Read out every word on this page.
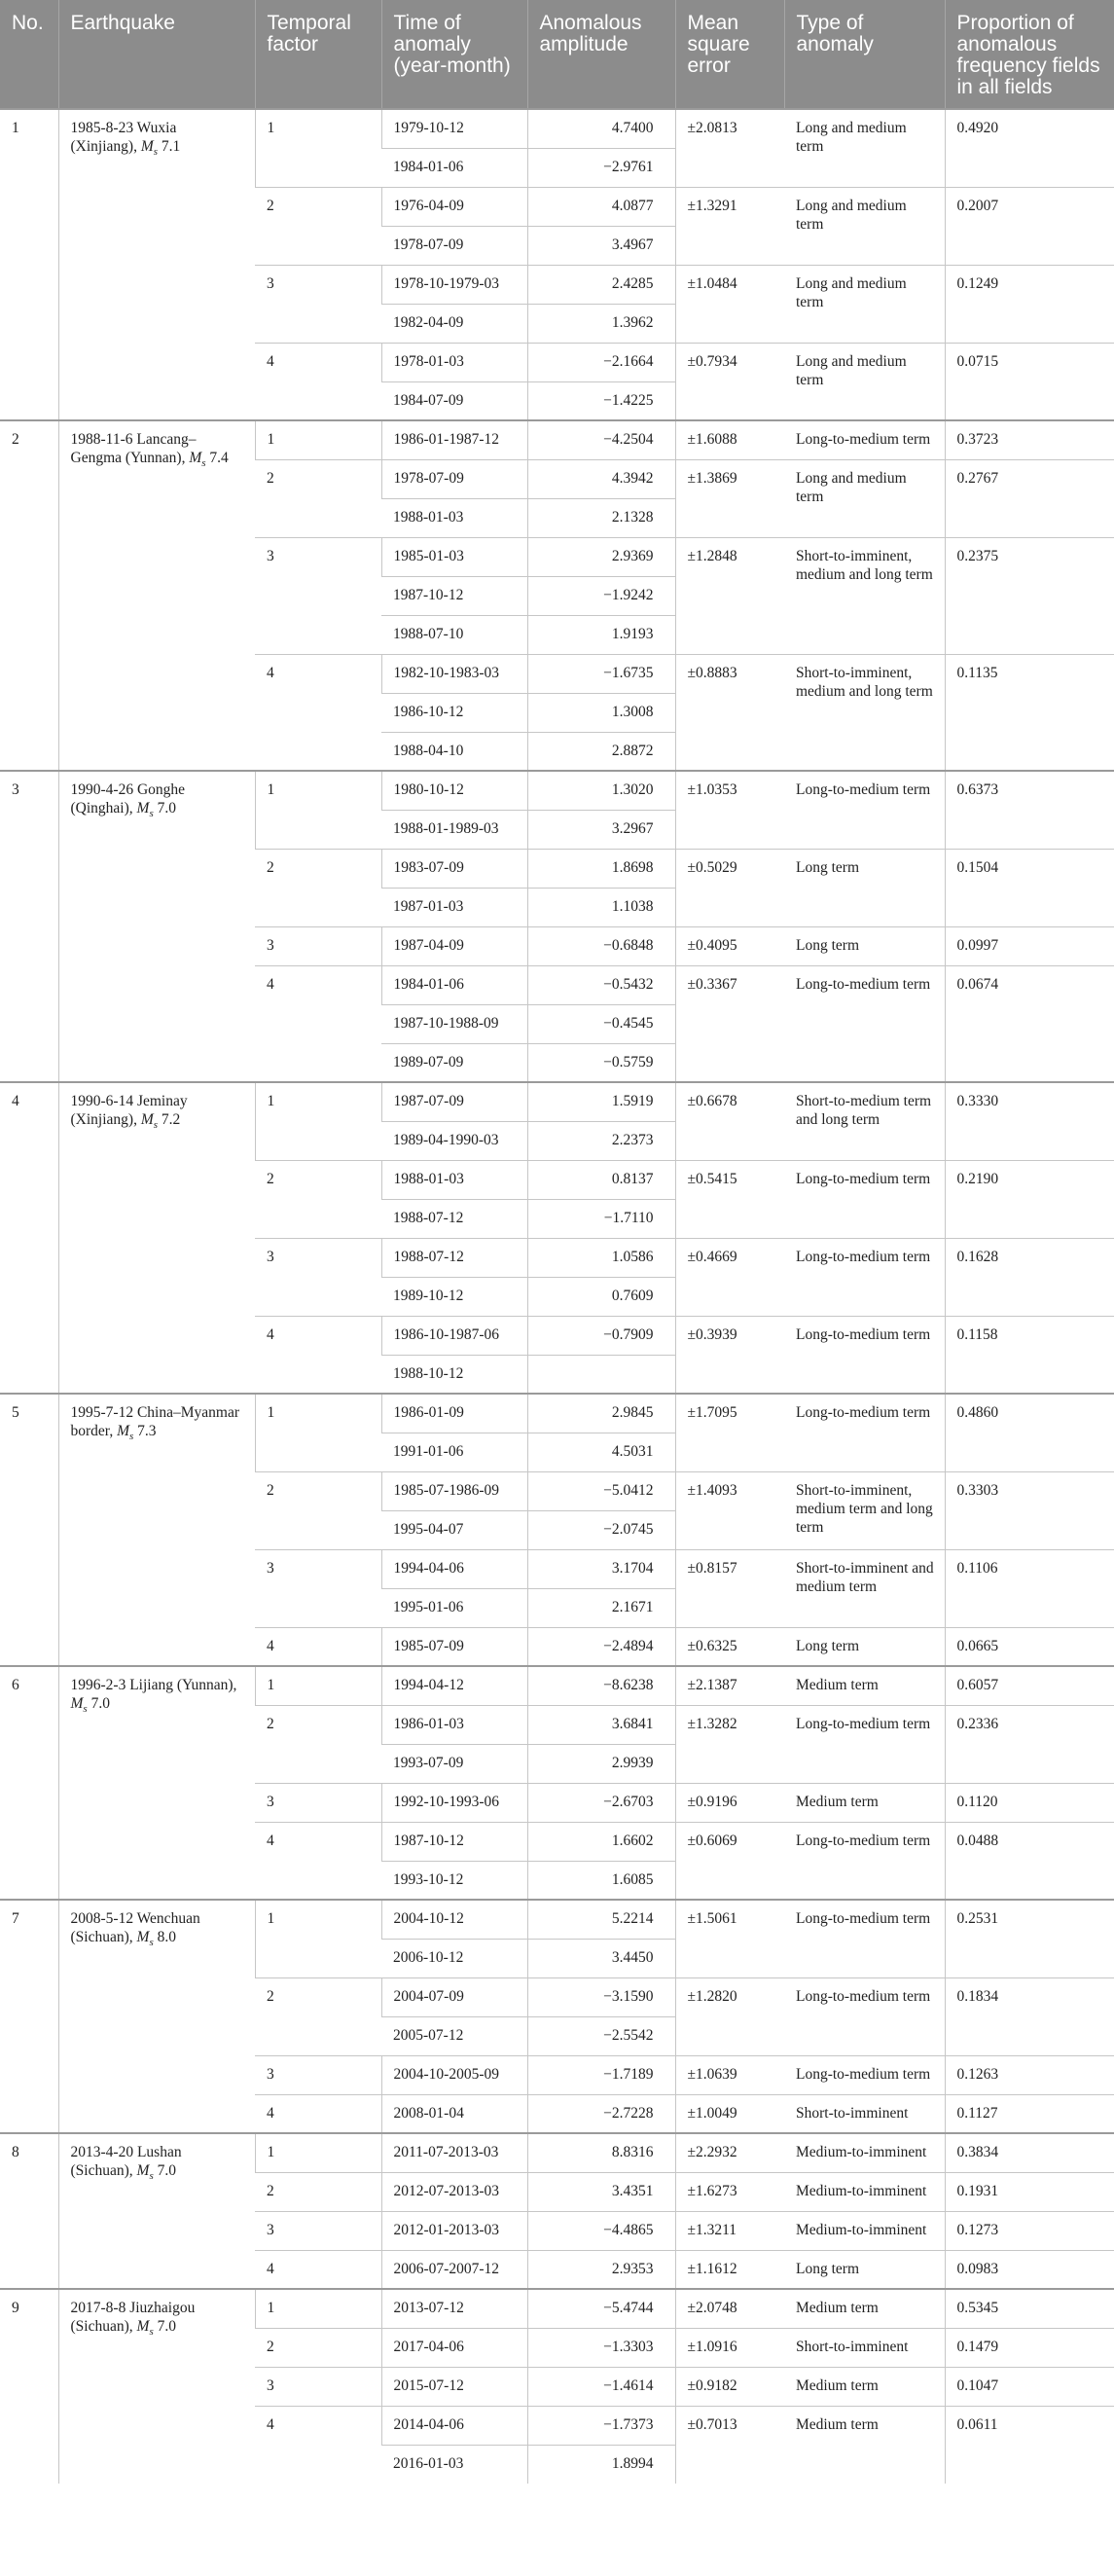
No.	Earthquake	Temporal factor	Time of anomaly (year-month)	Anomalous amplitude	Mean square error	Type of anomaly	Proportion of anomalous frequency fields in all fields
1	1985-8-23 Wuxia (Xinjiang), $M_s$ 7.1	1	1979-10-12	4.7400	±2.0813	Long and medium term	0.4920
			1984-01-06	−2.9761			
		2	1976-04-09	4.0877	±1.3291	Long and medium term	0.2007
			1978-07-09	3.4967			
		3	1978-10-1979-03	2.4285	±1.0484	Long and medium term	0.1249
			1982-04-09	1.3962			
		4	1978-01-03	−2.1664	±0.7934	Long and medium term	0.0715
			1984-07-09	−1.4225			
2	1988-11-6 Lancang–Gengma (Yunnan), $M_s$ 7.4	1	1986-01-1987-12	−4.2504	±1.6088	Long-to-medium term	0.3723
		2	1978-07-09	4.3942	±1.3869	Long and medium term	0.2767
			1988-01-03	2.1328			
		3	1985-01-03	2.9369	±1.2848	Short-to-imminent, medium and long term	0.2375
			1987-10-12	−1.9242			
			1988-07-10	1.9193			
		4	1982-10-1983-03	−1.6735	±0.8883	Short-to-imminent, medium and long term	0.1135
			1986-10-12	1.3008			
			1988-04-10	2.8872			
3	1990-4-26 Gonghe (Qinghai), $M_s$ 7.0	1	1980-10-12	1.3020	±1.0353	Long-to-medium term	0.6373
			1988-01-1989-03	3.2967			
		2	1983-07-09	1.8698	±0.5029	Long term	0.1504
			1987-01-03	1.1038			
		3	1987-04-09	−0.6848	±0.4095	Long term	0.0997
		4	1984-01-06	−0.5432	±0.3367	Long-to-medium term	0.0674
			1987-10-1988-09	−0.4545			
			1989-07-09	−0.5759			
4	1990-6-14 Jeminay (Xinjiang), $M_s$ 7.2	1	1987-07-09	1.5919	±0.6678	Short-to-medium term and long term	0.3330
			1989-04-1990-03	2.2373			
		2	1988-01-03	0.8137	±0.5415	Long-to-medium term	0.2190
			1988-07-12	−1.7110			
		3	1988-07-12	1.0586	±0.4669	Long-to-medium term	0.1628
			1989-10-12	0.7609			
		4	1986-10-1987-06	−0.7909	±0.3939	Long-to-medium term	0.1158
			1988-10-12				
5	1995-7-12 China–Myanmar border, $M_s$ 7.3	1	1986-01-09	2.9845	±1.7095	Long-to-medium term	0.4860
			1991-01-06	4.5031			
		2	1985-07-1986-09	−5.0412	±1.4093	Short-to-imminent, medium term and long term	0.3303
			1995-04-07	−2.0745			
		3	1994-04-06	3.1704	±0.8157	Short-to-imminent and medium term	0.1106
			1995-01-06	2.1671			
		4	1985-07-09	−2.4894	±0.6325	Long term	0.0665
6	1996-2-3 Lijiang (Yunnan), $M_s$ 7.0	1	1994-04-12	−8.6238	±2.1387	Medium term	0.6057
		2	1986-01-03	3.6841	±1.3282	Long-to-medium term	0.2336
			1993-07-09	2.9939			
		3	1992-10-1993-06	−2.6703	±0.9196	Medium term	0.1120
		4	1987-10-12	1.6602	±0.6069	Long-to-medium term	0.0488
			1993-10-12	1.6085			
7	2008-5-12 Wenchuan (Sichuan), $M_s$ 8.0	1	2004-10-12	5.2214	±1.5061	Long-to-medium term	0.2531
			2006-10-12	3.4450			
		2	2004-07-09	−3.1590	±1.2820	Long-to-medium term	0.1834
			2005-07-12	−2.5542			
		3	2004-10-2005-09	−1.7189	±1.0639	Long-to-medium term	0.1263
		4	2008-01-04	−2.7228	±1.0049	Short-to-imminent	0.1127
8	2013-4-20 Lushan (Sichuan), $M_s$ 7.0	1	2011-07-2013-03	8.8316	±2.2932	Medium-to-imminent	0.3834
		2	2012-07-2013-03	3.4351	±1.6273	Medium-to-imminent	0.1931
		3	2012-01-2013-03	−4.4865	±1.3211	Medium-to-imminent	0.1273
		4	2006-07-2007-12	2.9353	±1.1612	Long term	0.0983
9	2017-8-8 Jiuzhaigou (Sichuan), $M_s$ 7.0	1	2013-07-12	−5.4744	±2.0748	Medium term	0.5345
		2	2017-04-06	−1.3303	±1.0916	Short-to-imminent	0.1479
		3	2015-07-12	−1.4614	±0.9182	Medium term	0.1047
		4	2014-04-06	−1.7373	±0.7013	Medium term	0.0611
			2016-01-03	1.8994			
